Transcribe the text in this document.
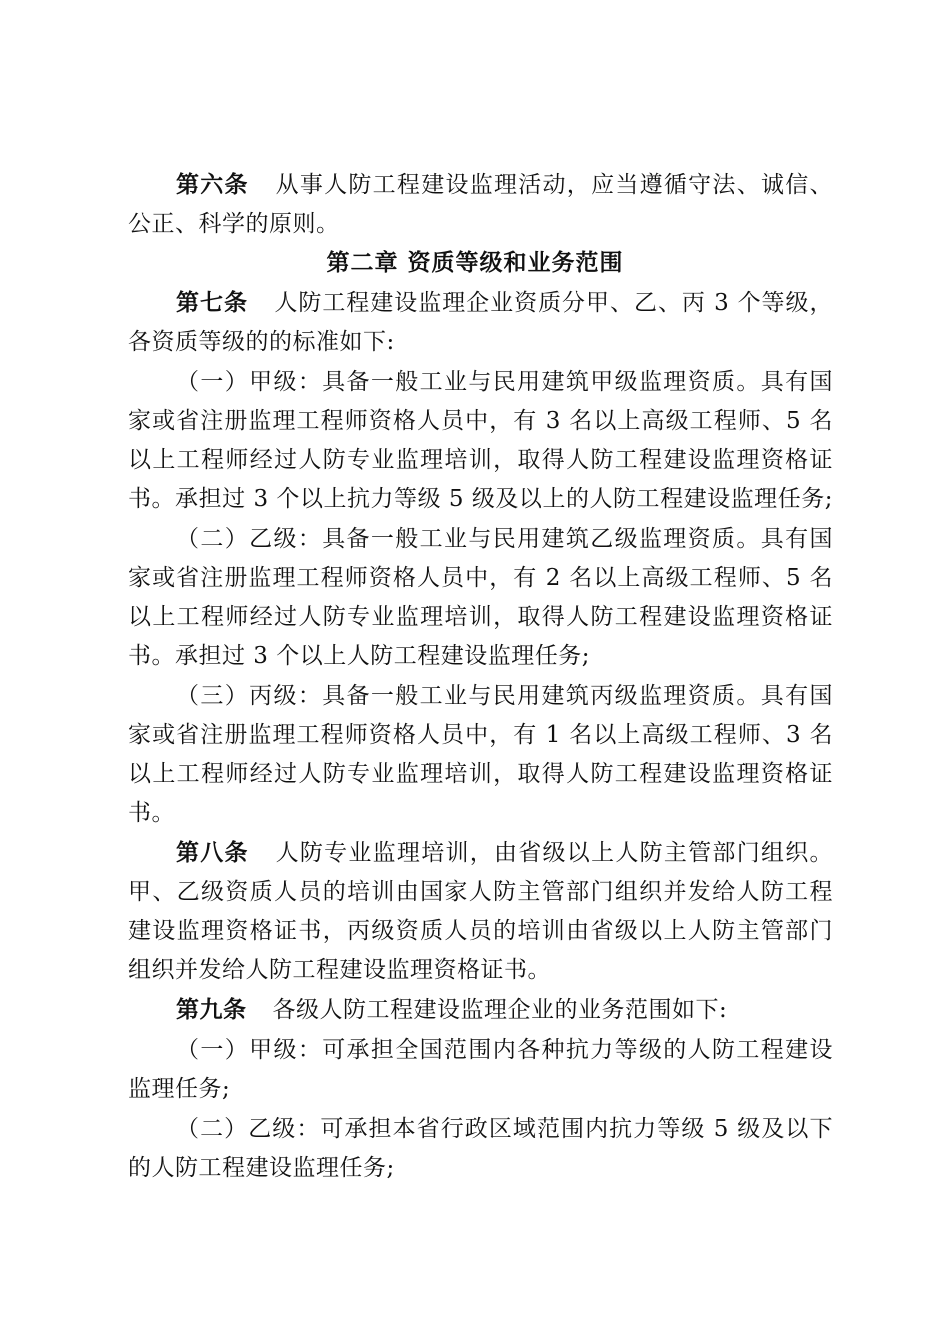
第六条 从事人防工程建设监理活动，应当遵循守法、诚信、
公正、科学的原则。
第二章 资质等级和业务范围
第七条 人防工程建设监理企业资质分甲、乙、丙 3 个等级，
各资质等级的的标准如下:
（一）甲级：具备一般工业与民用建筑甲级监理资质。具有国
家或省注册监理工程师资格人员中，有 3 名以上高级工程师、5 名
以上工程师经过人防专业监理培训，取得人防工程建设监理资格证
书。承担过 3 个以上抗力等级 5 级及以上的人防工程建设监理任务;
（二）乙级：具备一般工业与民用建筑乙级监理资质。具有国
家或省注册监理工程师资格人员中，有 2 名以上高级工程师、5 名
以上工程师经过人防专业监理培训，取得人防工程建设监理资格证
书。承担过 3 个以上人防工程建设监理任务;
（三）丙级：具备一般工业与民用建筑丙级监理资质。具有国
家或省注册监理工程师资格人员中，有 1 名以上高级工程师、3 名
以上工程师经过人防专业监理培训，取得人防工程建设监理资格证
书。
第八条 人防专业监理培训，由省级以上人防主管部门组织。
甲、乙级资质人员的培训由国家人防主管部门组织并发给人防工程
建设监理资格证书，丙级资质人员的培训由省级以上人防主管部门
组织并发给人防工程建设监理资格证书。
第九条 各级人防工程建设监理企业的业务范围如下:
（一）甲级：可承担全国范围内各种抗力等级的人防工程建设
监理任务;
（二）乙级：可承担本省行政区域范围内抗力等级 5 级及以下
的人防工程建设监理任务;
